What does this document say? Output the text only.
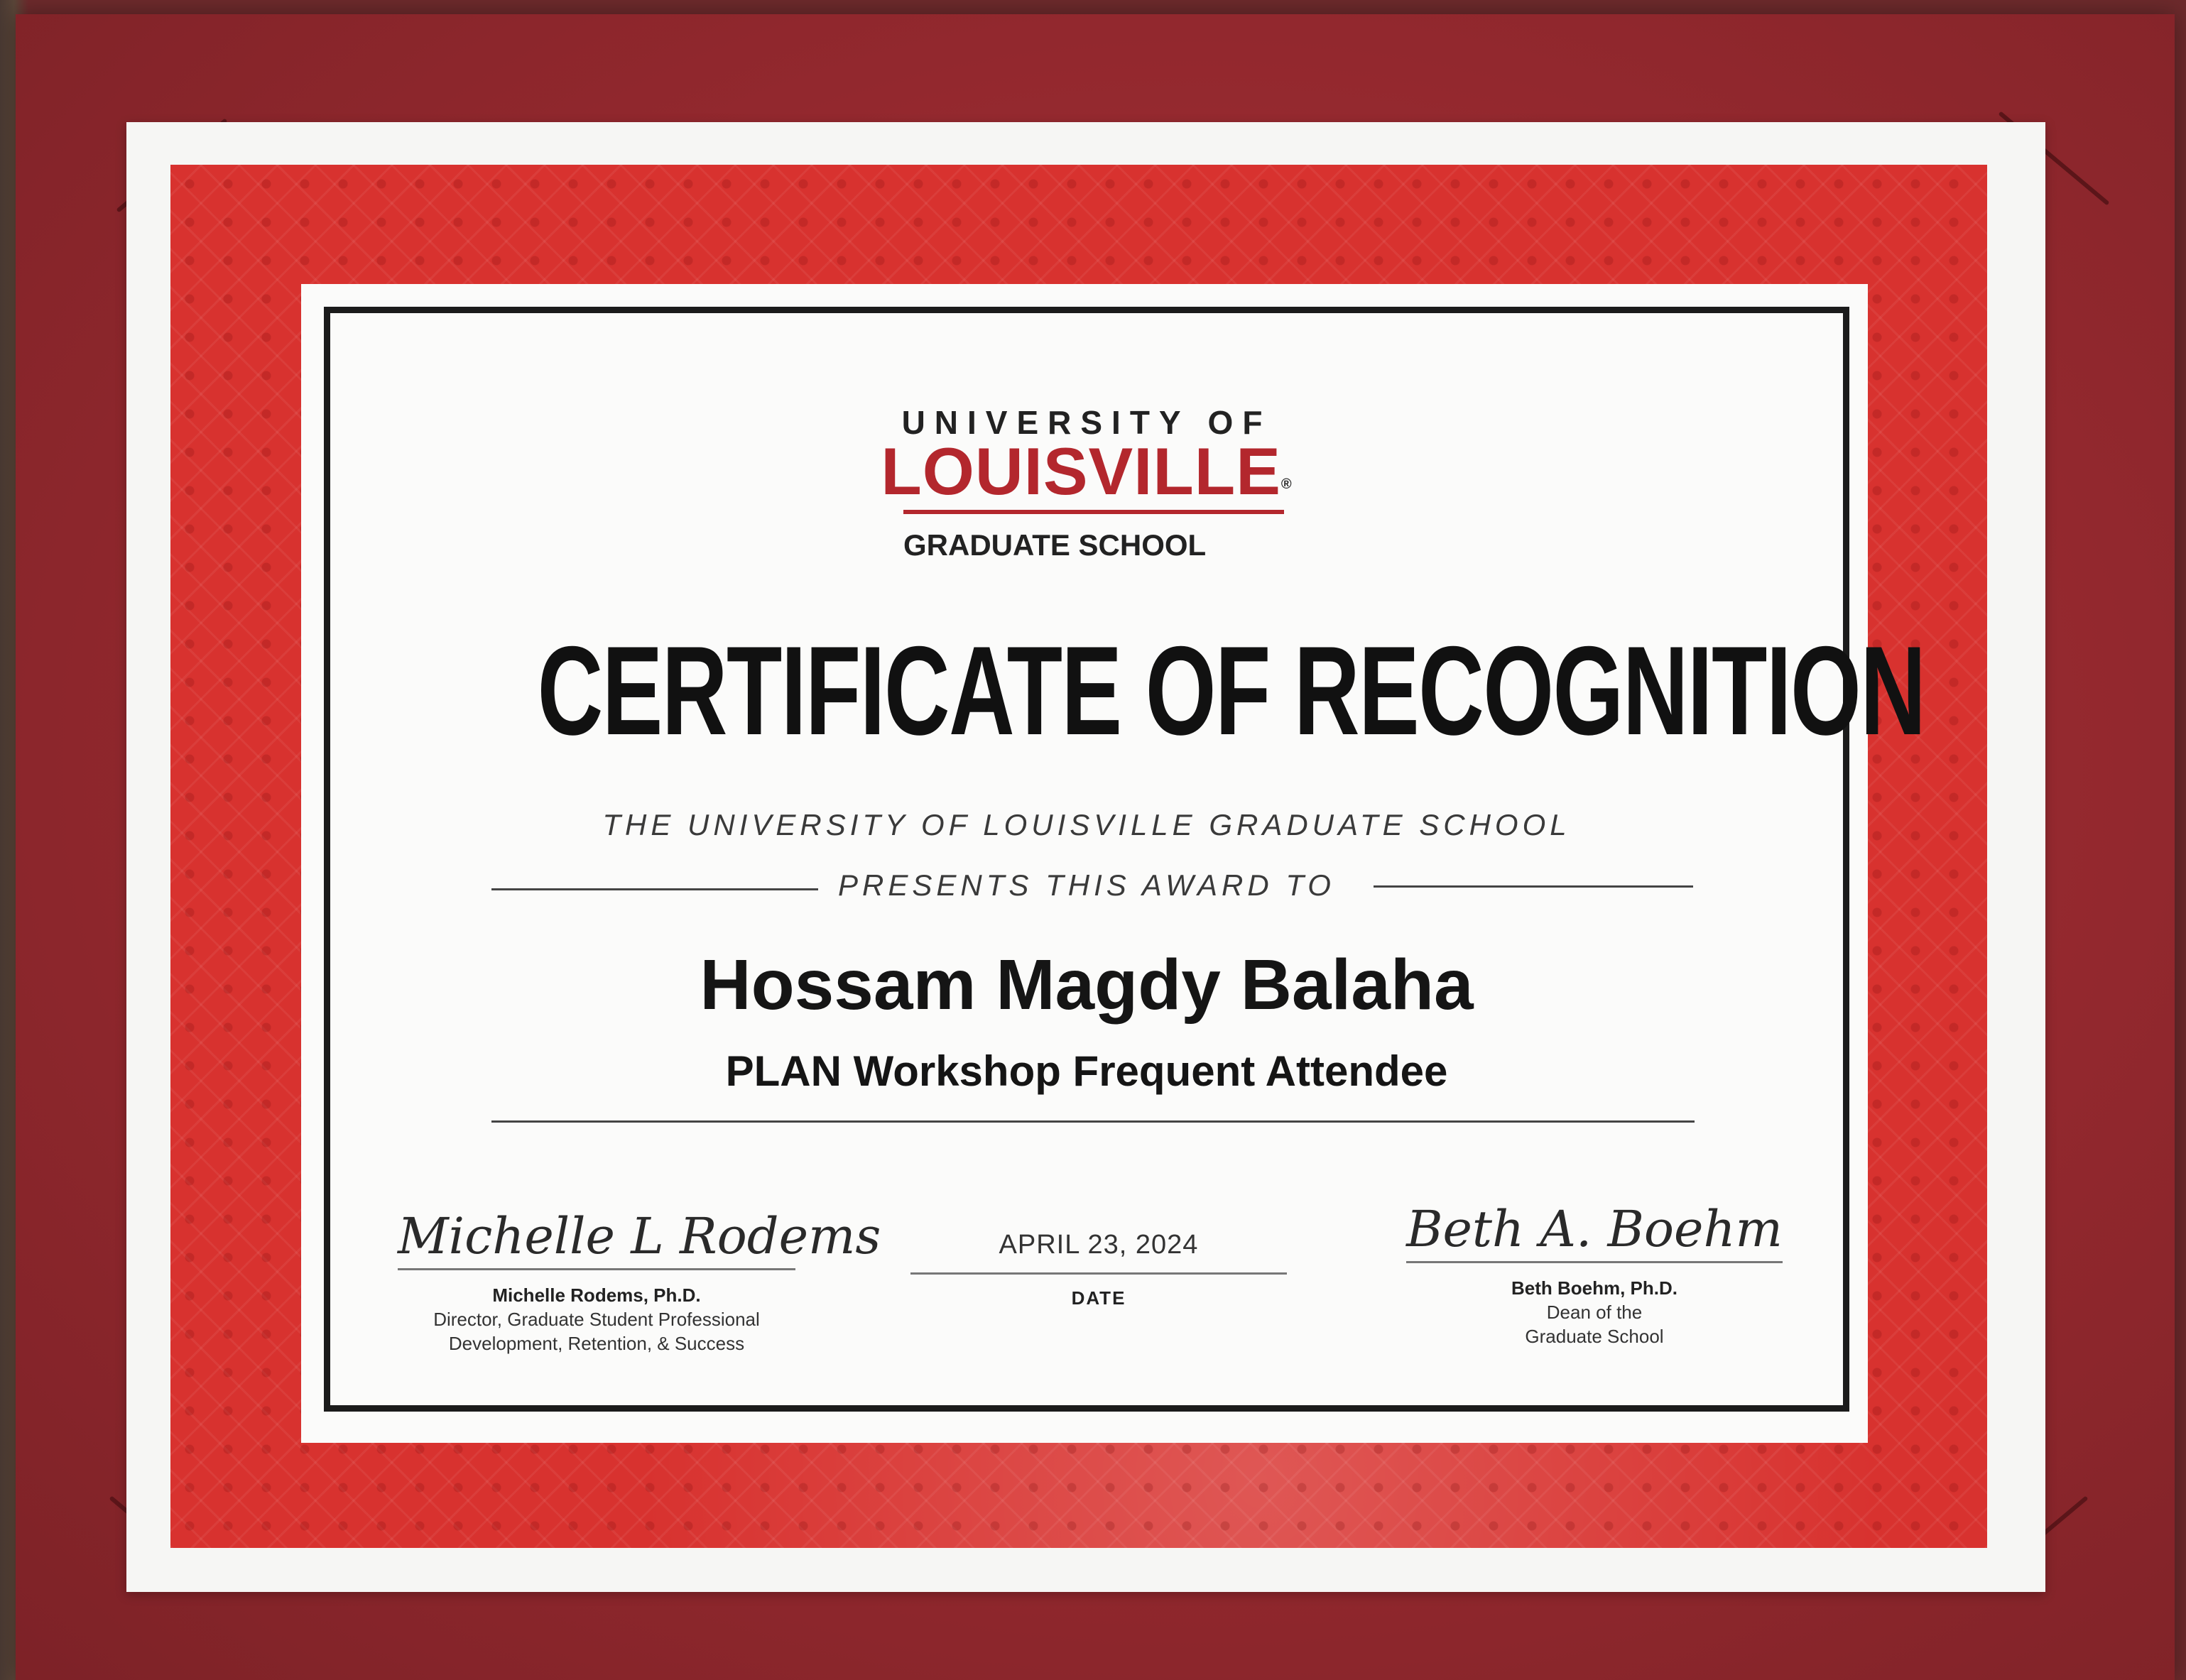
UNIVERSITY OF
LOUISVILLE®
GRADUATE SCHOOL
CERTIFICATE OF RECOGNITION
THE UNIVERSITY OF LOUISVILLE GRADUATE SCHOOL
PRESENTS THIS AWARD TO
Hossam Magdy Balaha
PLAN Workshop Frequent Attendee
Michelle L Rodems
Michelle Rodems, Ph.D.
Director, Graduate Student Professional
Development, Retention, & Success
APRIL 23, 2024
DATE
Beth A. Boehm
Beth Boehm, Ph.D.
Dean of the
Graduate School
